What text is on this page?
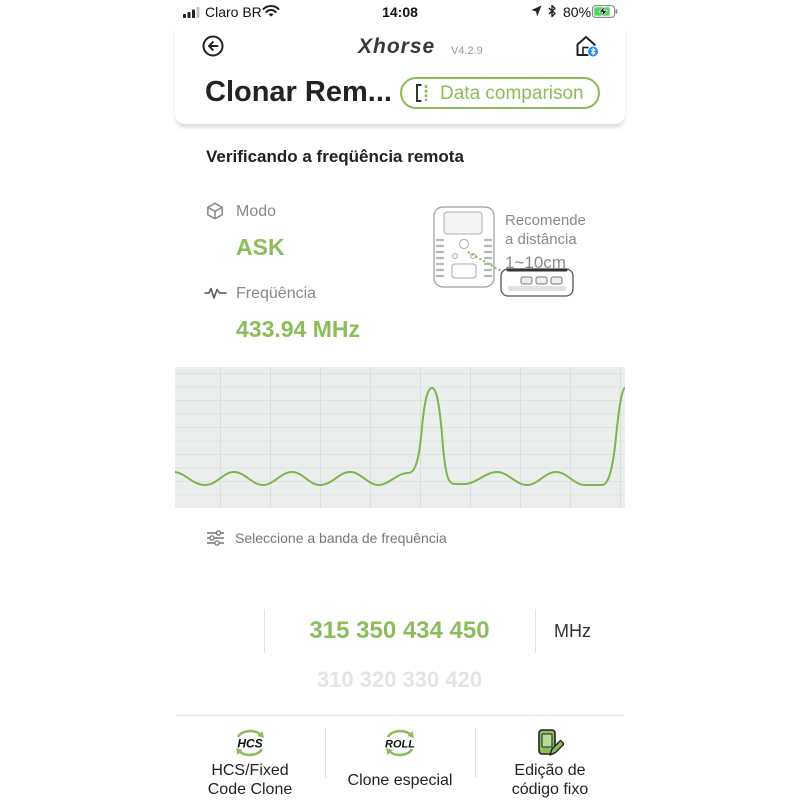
Claro BR	14:08	80%
Xhorse V4.2.9
Clonar Rem...	Data comparison
Verificando a freqüência remota
Modo
ASK
Freqüência
433.94 MHz
Recomende
a distância
1~10cm
Seleccione a banda de frequência
315 350 434 450	MHz
310 320 330 420
HCS
HCS/Fixed
Code Clone
ROLL
Clone especial
Edição de
código fixo
